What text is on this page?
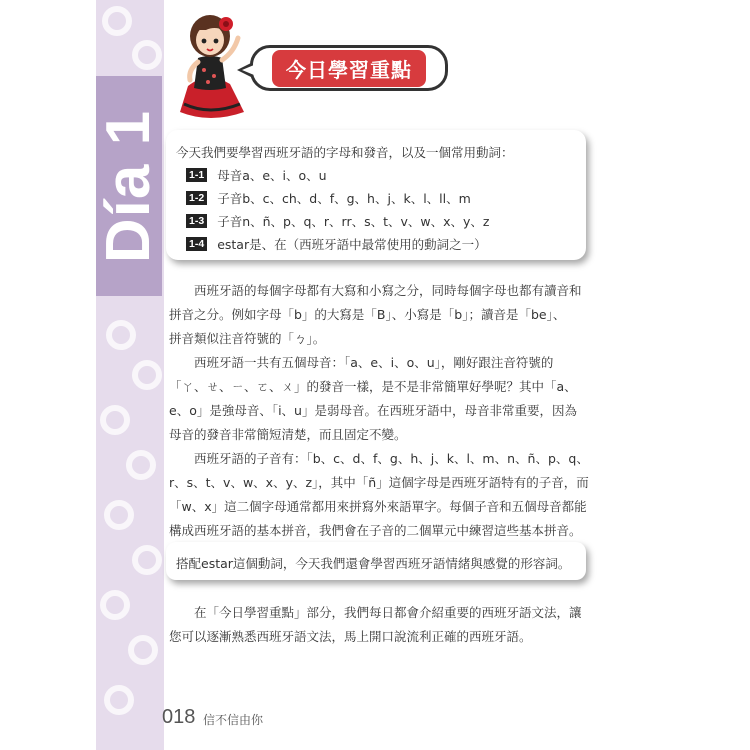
Día 1
今日學習重點
今天我們要學習西班牙語的字母和發音，以及一個常用動詞：
1-1 母音a、e、i、o、u
1-2 子音b、c、ch、d、f、g、h、j、k、l、ll、m
1-3 子音n、ñ、p、q、r、rr、s、t、v、w、x、y、z
1-4 estar是、在（西班牙語中最常使用的動詞之一）
　　西班牙語的每個字母都有大寫和小寫之分，同時每個字母也都有讀音和
拼音之分。例如字母「b」的大寫是「B」、小寫是「b」；讀音是「be」、
拼音類似注音符號的「ㄅ」。
　　西班牙語一共有五個母音：「a、e、i、o、u」，剛好跟注音符號的
「ㄚ、ㄝ、ㄧ、ㄛ、ㄨ」的發音一樣，是不是非常簡單好學呢？其中「a、
e、o」是強母音、「i、u」是弱母音。在西班牙語中，母音非常重要，因為
母音的發音非常簡短清楚，而且固定不變。
　　西班牙語的子音有：「b、c、d、f、g、h、j、k、l、m、n、ñ、p、q、
r、s、t、v、w、x、y、z」，其中「ñ」這個字母是西班牙語特有的子音，而
「w、x」這二個字母通常都用來拼寫外來語單字。每個子音和五個母音都能
構成西班牙語的基本拼音，我們會在子音的二個單元中練習這些基本拼音。
搭配estar這個動詞，今天我們還會學習西班牙語情緒與感覺的形容詞。
　　在「今日學習重點」部分，我們每日都會介紹重要的西班牙語文法，讓
您可以逐漸熟悉西班牙語文法，馬上開口說流利正確的西班牙語。
018 信不信由你
